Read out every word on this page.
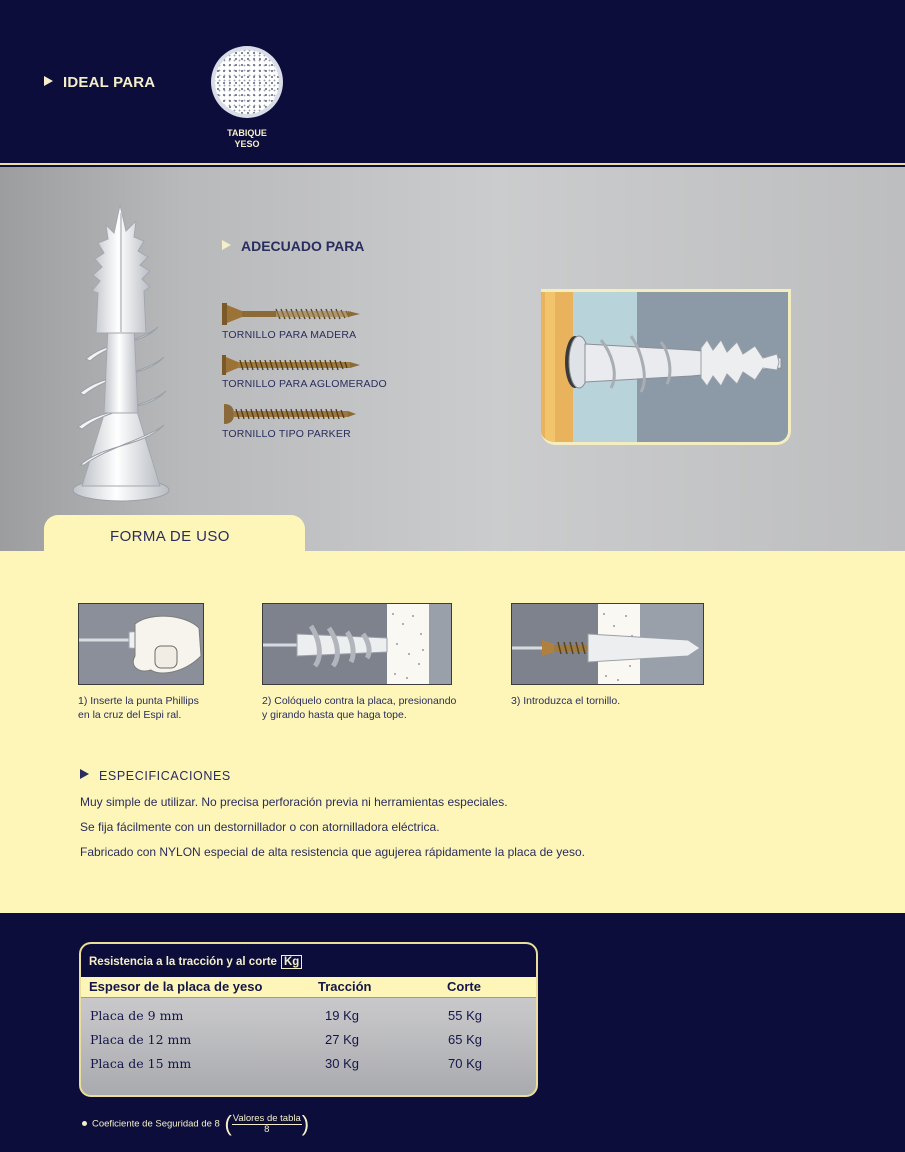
IDEAL PARA
TABIQUE
YESO
ADECUADO PARA
TORNILLO PARA MADERA
TORNILLO PARA AGLOMERADO
TORNILLO TIPO PARKER
FORMA DE USO
1) Inserte la punta Phillips
en la cruz del Espi ral.
2) Colóquelo contra la placa, presionando
y girando hasta que haga tope.
3) Introduzca el tornillo.
ESPECIFICACIONES
Muy simple de utilizar. No precisa perforación previa ni herramientas especiales.
Se fija fácilmente con un destornillador o con atornilladora eléctrica.
Fabricado con NYLON especial de alta resistencia que agujerea rápidamente la placa de yeso.
Resistencia a la tracción y al corte Kg
Espesor de la placa de yeso	Tracción	Corte
Placa de 9 mm	19 Kg	55 Kg
Placa de 12 mm	27 Kg	65 Kg
Placa de 15 mm	30 Kg	70 Kg
Coeficiente de Seguridad de 8 (Valores de tabla
8 )
